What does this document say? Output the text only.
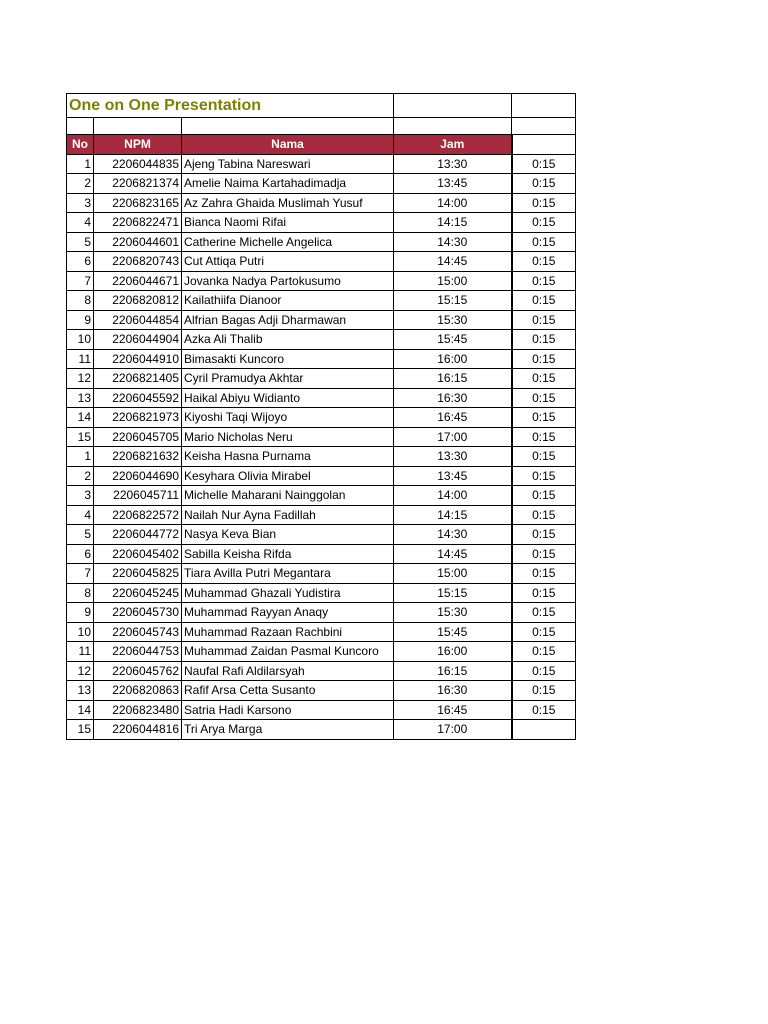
One on One Presentation				

No	NPM	Nama	Jam	
1	2206044835	Ajeng Tabina Nareswari	13:30	0:15
2	2206821374	Amelie Naima Kartahadimadja	13:45	0:15
3	2206823165	Az Zahra Ghaida Muslimah Yusuf	14:00	0:15
4	2206822471	Bianca Naomi Rifai	14:15	0:15
5	2206044601	Catherine Michelle Angelica	14:30	0:15
6	2206820743	Cut Attiqa Putri	14:45	0:15
7	2206044671	Jovanka Nadya Partokusumo	15:00	0:15
8	2206820812	Kailathiifa Dianoor	15:15	0:15
9	2206044854	Alfrian Bagas Adji Dharmawan	15:30	0:15
10	2206044904	Azka Ali Thalib	15:45	0:15
11	2206044910	Bimasakti Kuncoro	16:00	0:15
12	2206821405	Cyril Pramudya Akhtar	16:15	0:15
13	2206045592	Haikal Abiyu Widianto	16:30	0:15
14	2206821973	Kiyoshi Taqi Wijoyo	16:45	0:15
15	2206045705	Mario Nicholas Neru	17:00	0:15
1	2206821632	Keisha Hasna Purnama	13:30	0:15
2	2206044690	Kesyhara Olivia Mirabel	13:45	0:15
3	2206045711	Michelle Maharani Nainggolan	14:00	0:15
4	2206822572	Nailah Nur Ayna Fadillah	14:15	0:15
5	2206044772	Nasya Keva Bian	14:30	0:15
6	2206045402	Sabilla Keisha Rifda	14:45	0:15
7	2206045825	Tiara Avilla Putri Megantara	15:00	0:15
8	2206045245	Muhammad Ghazali Yudistira	15:15	0:15
9	2206045730	Muhammad Rayyan Anaqy	15:30	0:15
10	2206045743	Muhammad Razaan Rachbini	15:45	0:15
11	2206044753	Muhammad Zaidan Pasmal Kuncoro	16:00	0:15
12	2206045762	Naufal Rafi Aldilarsyah	16:15	0:15
13	2206820863	Rafif Arsa Cetta Susanto	16:30	0:15
14	2206823480	Satria Hadi Karsono	16:45	0:15
15	2206044816	Tri Arya Marga	17:00	
